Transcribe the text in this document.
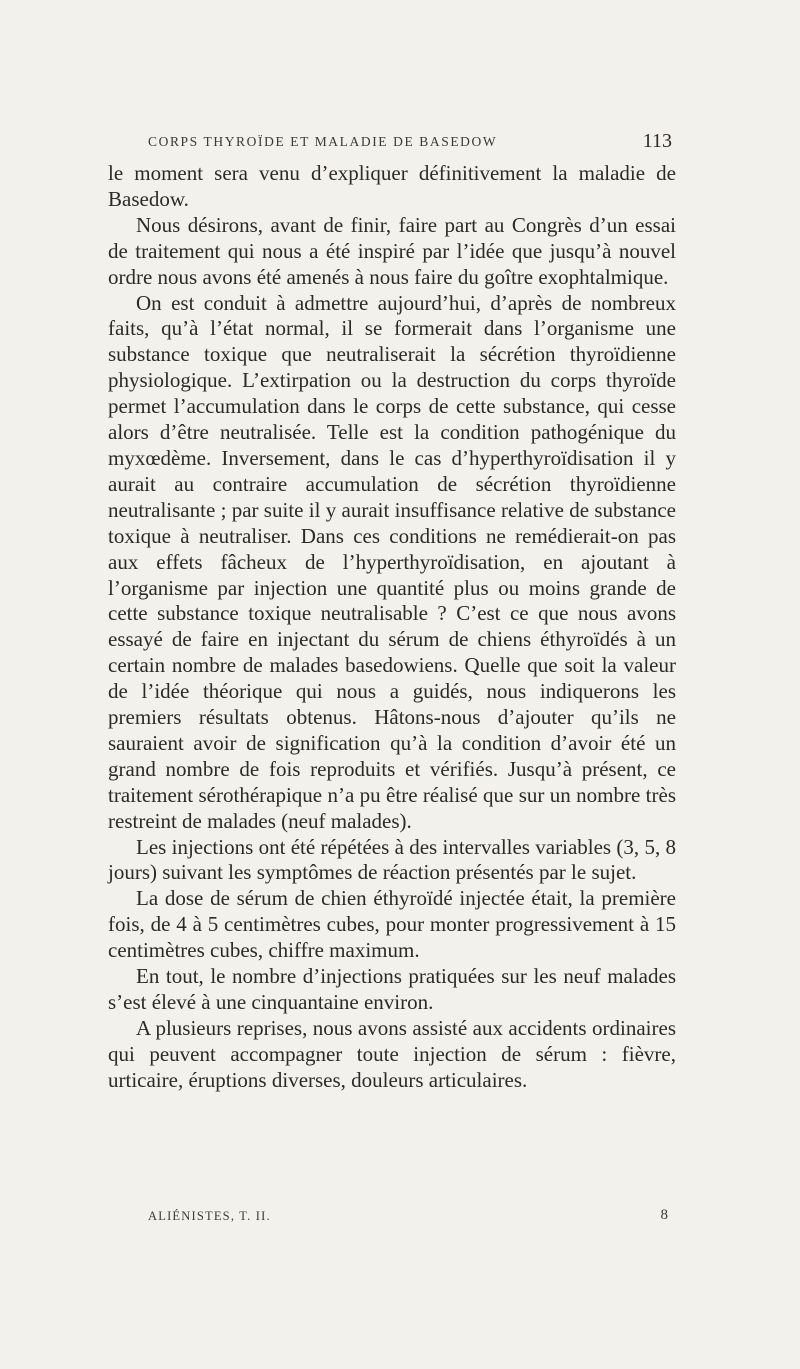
CORPS THYROÏDE ET MALADIE DE BASEDOW	113

le moment sera venu d’expliquer définitivement la maladie de Basedow.

Nous désirons, avant de finir, faire part au Congrès d’un essai de traitement qui nous a été inspiré par l’idée que jusqu’à nouvel ordre nous avons été amenés à nous faire du goître exophtalmique.

On est conduit à admettre aujourd’hui, d’après de nombreux faits, qu’à l’état normal, il se formerait dans l’organisme une substance toxique que neutraliserait la sécrétion thyroïdienne physiologique. L’extirpation ou la destruction du corps thyroïde permet l’accumulation dans le corps de cette substance, qui cesse alors d’être neutralisée. Telle est la condition pathogénique du myxœdème. Inversement, dans le cas d’hyperthyroïdisation il y aurait au contraire accumulation de sécrétion thyroïdienne neutralisante ; par suite il y aurait insuffisance relative de substance toxique à neutraliser. Dans ces conditions ne remédierait-on pas aux effets fâcheux de l’hyperthyroïdisation, en ajoutant à l’organisme par injection une quantité plus ou moins grande de cette substance toxique neutralisable ? C’est ce que nous avons essayé de faire en injectant du sérum de chiens éthyroïdés à un certain nombre de malades basedowiens. Quelle que soit la valeur de l’idée théorique qui nous a guidés, nous indiquerons les premiers résultats obtenus. Hâtons-nous d’ajouter qu’ils ne sauraient avoir de signification qu’à la condition d’avoir été un grand nombre de fois reproduits et vérifiés. Jusqu’à présent, ce traitement sérothérapique n’a pu être réalisé que sur un nombre très restreint de malades (neuf malades).

Les injections ont été répétées à des intervalles variables (3, 5, 8 jours) suivant les symptômes de réaction présentés par le sujet.

La dose de sérum de chien éthyroïdé injectée était, la première fois, de 4 à 5 centimètres cubes, pour monter progressivement à 15 centimètres cubes, chiffre maximum.

En tout, le nombre d’injections pratiquées sur les neuf malades s’est élevé à une cinquantaine environ.

A plusieurs reprises, nous avons assisté aux accidents ordinaires qui peuvent accompagner toute injection de sérum : fièvre, urticaire, éruptions diverses, douleurs articulaires.

ALIÉNISTES, T. II.	8
